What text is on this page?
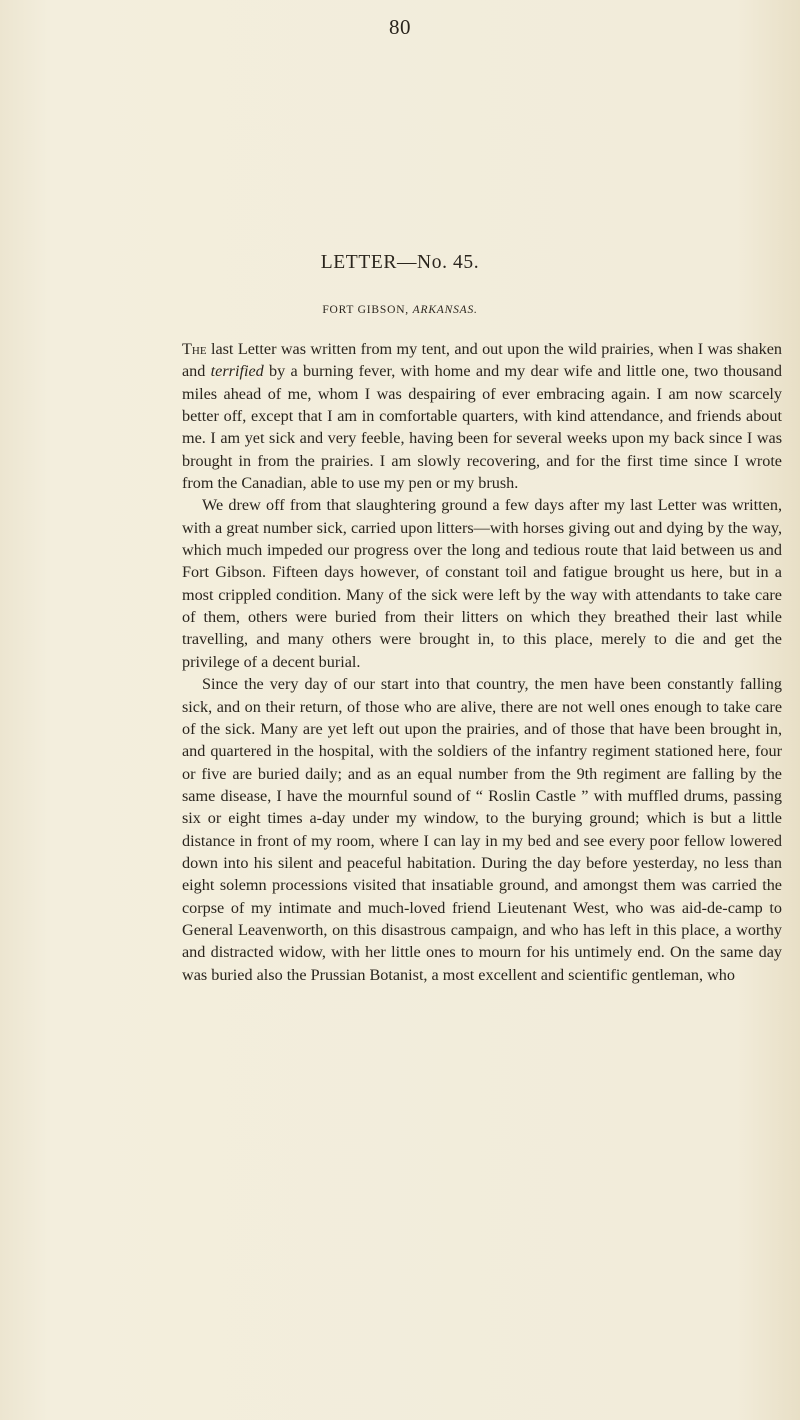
80
LETTER—No. 45.
FORT GIBSON, ARKANSAS.

The last Letter was written from my tent, and out upon the wild prairies, when I was shaken and terrified by a burning fever, with home and my dear wife and little one, two thousand miles ahead of me, whom I was despairing of ever embracing again. I am now scarcely better off, except that I am in comfortable quarters, with kind attendance, and friends about me. I am yet sick and very feeble, having been for several weeks upon my back since I was brought in from the prairies. I am slowly recovering, and for the first time since I wrote from the Canadian, able to use my pen or my brush.

We drew off from that slaughtering ground a few days after my last Letter was written, with a great number sick, carried upon litters—with horses giving out and dying by the way, which much impeded our progress over the long and tedious route that laid between us and Fort Gibson. Fifteen days however, of constant toil and fatigue brought us here, but in a most crippled condition. Many of the sick were left by the way with attendants to take care of them, others were buried from their litters on which they breathed their last while travelling, and many others were brought in, to this place, merely to die and get the privilege of a decent burial.

Since the very day of our start into that country, the men have been constantly falling sick, and on their return, of those who are alive, there are not well ones enough to take care of the sick. Many are yet left out upon the prairies, and of those that have been brought in, and quartered in the hospital, with the soldiers of the infantry regiment stationed here, four or five are buried daily; and as an equal number from the 9th regiment are falling by the same disease, I have the mournful sound of “ Roslin Castle ” with muffled drums, passing six or eight times a-day under my window, to the burying ground; which is but a little distance in front of my room, where I can lay in my bed and see every poor fellow lowered down into his silent and peaceful habitation. During the day before yesterday, no less than eight solemn processions visited that insatiable ground, and amongst them was carried the corpse of my intimate and much-loved friend Lieutenant West, who was aid-de-camp to General Leavenworth, on this disastrous campaign, and who has left in this place, a worthy and distracted widow, with her little ones to mourn for his untimely end. On the same day was buried also the Prussian Botanist, a most excellent and scientific gentleman, who
